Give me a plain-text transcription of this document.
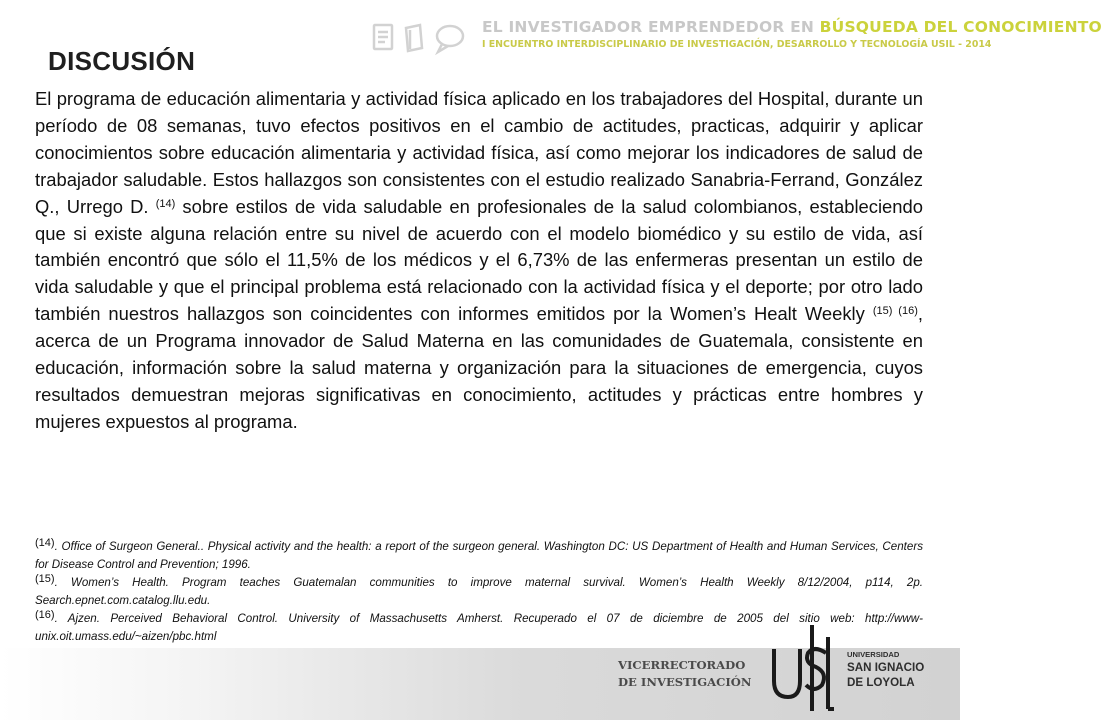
EL INVESTIGADOR EMPRENDEDOR EN BÚSQUEDA DEL CONOCIMIENTO
I ENCUENTRO INTERDISCIPLINARIO DE INVESTIGACIÓN, DESARROLLO Y TECNOLOGÍA USIL - 2014
DISCUSIÓN
El programa de educación alimentaria y actividad física aplicado en los trabajadores del Hospital, durante un período de 08 semanas, tuvo efectos positivos en el cambio de actitudes, practicas, adquirir y aplicar conocimientos sobre educación alimentaria y actividad física, así como mejorar los indicadores de salud de trabajador saludable. Estos hallazgos son consistentes con el estudio realizado Sanabria-Ferrand, González Q., Urrego D. $^{(14)}$ sobre estilos de vida saludable en profesionales de la salud colombianos, estableciendo que si existe alguna relación entre su nivel de acuerdo con el modelo biomédico y su estilo de vida, así también encontró que sólo el 11,5% de los médicos y el 6,73% de las enfermeras presentan un estilo de vida saludable y que el principal problema está relacionado con la actividad física y el deporte; por otro lado también nuestros hallazgos son coincidentes con informes emitidos por la Women’s Healt Weekly $^{(15) (16)}$, acerca de un Programa innovador de Salud Materna en las comunidades de Guatemala, consistente en educación, información sobre la salud materna y organización para la situaciones de emergencia, cuyos resultados demuestran mejoras significativas en conocimiento, actitudes y prácticas entre hombres y mujeres expuestos al programa.

$^{(14)}$. Office of Surgeon General.. Physical activity and the health: a report of the surgeon general. Washington DC: US Department of Health and Human Services, Centers for Disease Control and Prevention; 1996.

$^{(15)}$. Women’s Health. Program teaches Guatemalan communities to improve maternal survival. Women’s Health Weekly 8/12/2004, p114, 2p. Search.epnet.com.catalog.llu.edu.

$^{(16)}$. Ajzen. Perceived Behavioral Control. University of Massachusetts Amherst. Recuperado el 07 de diciembre de 2005 del sitio web: http://www-unix.oit.umass.edu/~aizen/pbc.html

VICERRECTORADO
DE INVESTIGACIÓN
UNIVERSIDAD
SAN IGNACIO
DE LOYOLA
